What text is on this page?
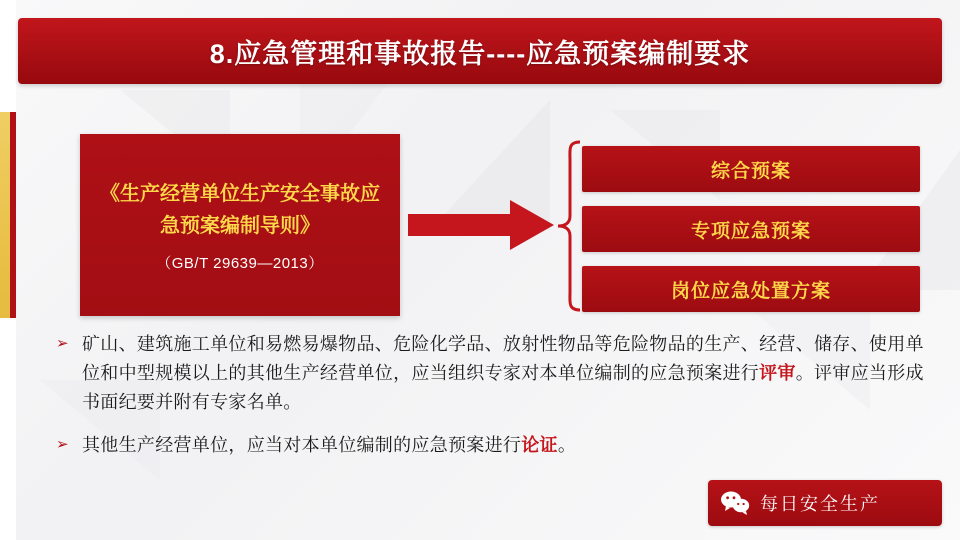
8.应急管理和事故报告----应急预案编制要求
《生产经营单位生产安全事故应急预案编制导则》
（GB/T 29639—2013）
综合预案
专项应急预案
岗位应急处置方案
➢ 矿山、建筑施工单位和易燃易爆物品、危险化学品、放射性物品等危险物品的生产、经营、储存、使用单位和中型规模以上的其他生产经营单位，应当组织专家对本单位编制的应急预案进行评审。评审应当形成书面纪要并附有专家名单。
➢ 其他生产经营单位，应当对本单位编制的应急预案进行论证。
每日安全生产
